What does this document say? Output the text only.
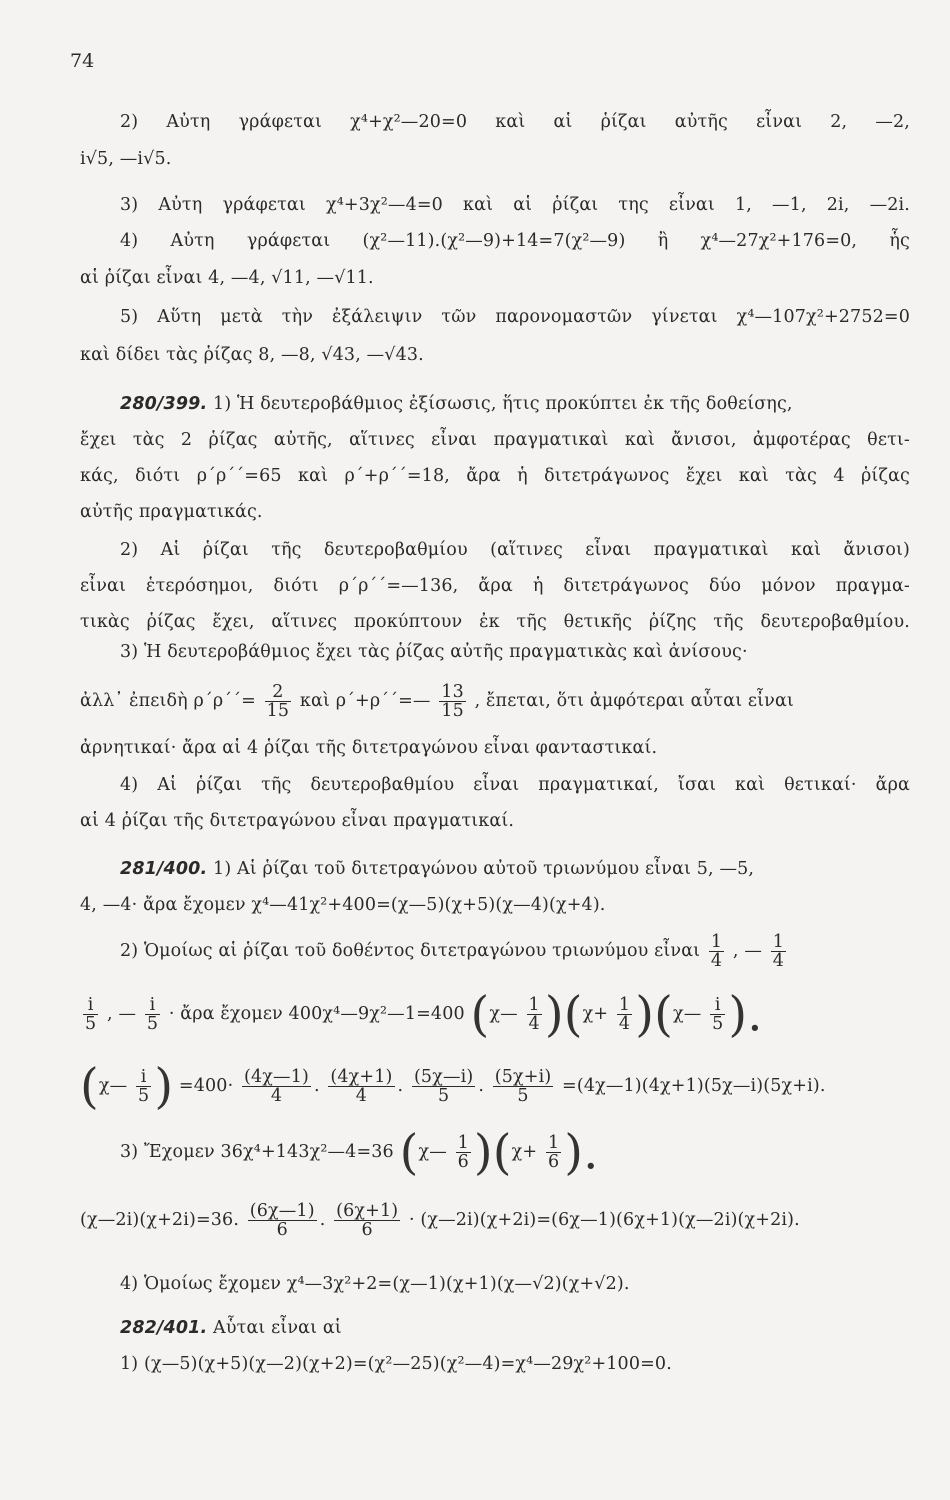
74
2) Αὐτη γράφεται χ⁴+χ²—20=0 καὶ αἱ ῥίζαι αὐτῆς εἶναι 2, —2,
i√5, —i√5.
3) Αὐτη γράφεται χ⁴+3χ²—4=0 καὶ αἱ ῥίζαι της εἶναι 1, —1, 2i, —2i.
4) Αὐτη γράφεται (χ²—11).(χ²—9)+14=7(χ²—9) ἢ χ⁴—27χ²+176=0, ἧς
αἱ ῥίζαι εἶναι 4, —4, √11, —√11.
5) Αὕτη μετὰ τὴν ἐξάλειψιν τῶν παρονομαστῶν γίνεται χ⁴—107χ²+2752=0
καὶ δίδει τὰς ῥίζας 8, —8, √43, —√43.
280/399. 1) Ἡ δευτεροβάθμιος ἐξίσωσις, ἥτις προκύπτει ἐκ τῆς δοθείσης,
ἔχει τὰς 2 ῥίζας αὐτῆς, αἵτινες εἶναι πραγματικαὶ καὶ ἄνισοι, ἀμφοτέρας θετι-
κάς, διότι ρ΄ρ΄΄=65 καὶ ρ΄+ρ΄΄=18, ἄρα ἡ διτετράγωνος ἔχει καὶ τὰς 4 ῥίζας
αὐτῆς πραγματικάς.
2) Αἱ ῥίζαι τῆς δευτεροβαθμίου (αἵτινες εἶναι πραγματικαὶ καὶ ἄνισοι)
εἶναι ἑτερόσημοι, διότι ρ΄ρ΄΄=—136, ἄρα ἡ διτετράγωνος δύο μόνον πραγμα-
τικὰς ῥίζας ἔχει, αἵτινες προκύπτουν ἐκ τῆς θετικῆς ῥίζης τῆς δευτεροβαθμίου.
3) Ἡ δευτεροβάθμιος ἔχει τὰς ῥίζας αὐτῆς πραγματικὰς καὶ ἀνίσους·
ἀλλ᾽ ἐπειδὴ $\rho΄\rho΄΄= \frac{2}{15}$ καὶ ρ΄+ρ΄΄=— $\frac{13}{15}$ , ἔπεται, ὅτι ἀμφότεραι αὗται εἶναι
ἀρνητικαί· ἄρα αἱ 4 ῥίζαι τῆς διτετραγώνου εἶναι φανταστικαί.
4) Αἱ ῥίζαι τῆς δευτεροβαθμίου εἶναι πραγματικαί, ἴσαι καὶ θετικαί· ἄρα
αἱ 4 ῥίζαι τῆς διτετραγώνου εἶναι πραγματικαί.
281/400. 1) Αἱ ῥίζαι τοῦ διτετραγώνου αὐτοῦ τριωνύμου εἶναι 5, —5,
4, —4· ἄρα ἔχομεν χ⁴—41χ²+400=(χ—5)(χ+5)(χ—4)(χ+4).
2) Ὁμοίως αἱ ῥίζαι τοῦ δοθέντος διτετραγώνου τριωνύμου εἶναι $\frac{1}{4}$ , — $\frac{1}{4}$
$\frac{i}{5}$ , — $\frac{i}{5}$ · ἄρα ἔχομεν 400χ⁴—9χ²—1=400 (χ— $\frac{1}{4} )(\chi+ \frac{1}{4}$ )(χ— $\frac{i}{5}$ ).
(χ— $\frac{i}{5}$ ) $=400\cdot \frac{(4\chi—1)}{4}$ . $\frac{(4\chi+1)}{4}$ . $\frac{(5\chi—i)}{5}$ . $\frac{(5\chi+i)}{5}$ =(4χ—1)(4χ+1)(5χ—i)(5χ+i).
3) Ἔχομεν 36χ⁴+143χ²—4=36 (χ— $\frac{1}{6} )(\chi+ \frac{1}{6}$ ).
(χ—2i)(χ+2i)=36. $\frac{(6\chi—1)}{6}$ . $\frac{(6\chi+1)}{6}$ · (χ—2i)(χ+2i)=(6χ—1)(6χ+1)(χ—2i)(χ+2i).
4) Ὁμοίως ἔχομεν χ⁴—3χ²+2=(χ—1)(χ+1)(χ—√2)(χ+√2).
282/401. Αὗται εἶναι αἱ
1) (χ—5)(χ+5)(χ—2)(χ+2)=(χ²—25)(χ²—4)=χ⁴—29χ²+100=0.
